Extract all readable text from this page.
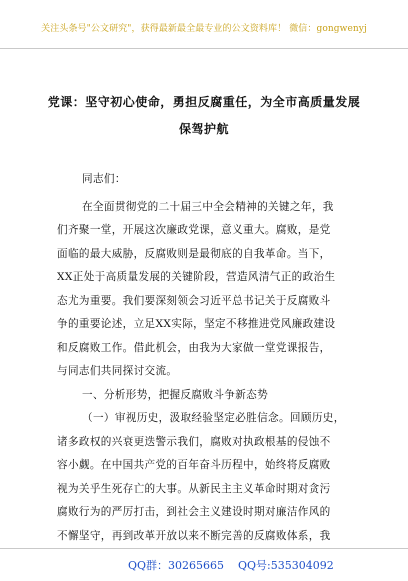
关注头条号"公文研究"，获得最新最全最专业的公文资料库！ 微信：gongwenyj
党课：坚守初心使命，勇担反腐重任，为全市高质量发展
保驾护航
同志们：
在全面贯彻党的二十届三中全会精神的关键之年，我
们齐聚一堂，开展这次廉政党课，意义重大。腐败，是党
面临的最大威胁，反腐败则是最彻底的自我革命。当下，
XX正处于高质量发展的关键阶段，营造风清气正的政治生
态尤为重要。我们要深刻领会习近平总书记关于反腐败斗
争的重要论述，立足XX实际，坚定不移推进党风廉政建设
和反腐败工作。借此机会，由我为大家做一堂党课报告，
与同志们共同探讨交流。
一、分析形势，把握反腐败斗争新态势
（一）审视历史，汲取经验坚定必胜信念。回顾历史，
诸多政权的兴衰更迭警示我们，腐败对执政根基的侵蚀不
容小觑。在中国共产党的百年奋斗历程中，始终将反腐败
视为关乎生死存亡的大事。从新民主主义革命时期对贪污
腐败行为的严厉打击，到社会主义建设时期对廉洁作风的
不懈坚守，再到改革开放以来不断完善的反腐败体系，我
QQ群：30265665 QQ号:535304092
